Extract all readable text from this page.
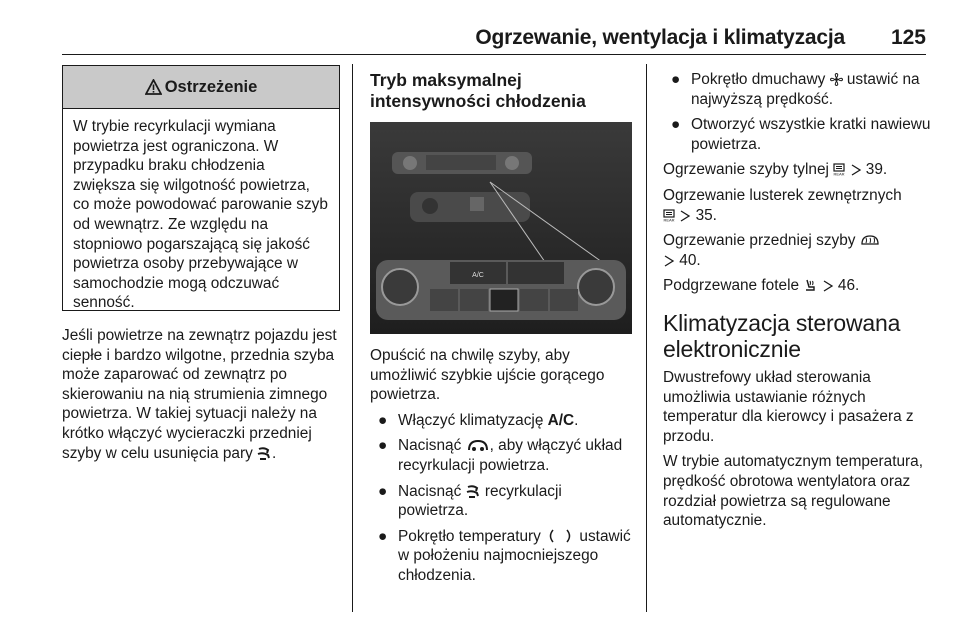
Ogrzewanie, wentylacja i klimatyzacja 125
Ostrzeżenie
W trybie recyrkulacji wymiana powietrza jest ograniczona. W przypadku braku chłodzenia zwiększa się wilgotność powietrza, co może powodować parowanie szyb od wewnątrz. Ze względu na stopniowo pogarszającą się jakość powietrza osoby przebywające w samochodzie mogą odczuwać senność.
Jeśli powietrze na zewnątrz pojazdu jest ciepłe i bardzo wilgotne, przednia szyba może zaparować od zewnątrz po skierowaniu na nią strumienia zimnego powietrza. W takiej sytuacji należy na krótko włączyć wycieraczki przedniej szyby w celu usunięcia pary .
Tryb maksymalnej intensywności chłodzenia
A/C

Opuścić na chwilę szyby, aby umożliwić szybkie ujście gorącego powietrza.

● Włączyć klimatyzację A/C.
● Nacisnąć , aby włączyć układ recyrkulacji powietrza.
● Nacisnąć  recyrkulacji powietrza.
● Pokrętło temperatury  ustawić w położeniu najmocniejszego chłodzenia.
● Pokrętło dmuchawy  ustawić na najwyższą prędkość.
● Otworzyć wszystkie kratki nawiewu powietrza.

Ogrzewanie szyby tylnej REAR 39.

Ogrzewanie lusterek zewnętrznych

REAR 35.

Ogrzewanie przedniej szyby
40.

Podgrzewane fotele   46.

Klimatyzacja sterowana elektronicznie

Dwustrefowy układ sterowania umożliwia ustawianie różnych temperatur dla kierowcy i pasażera z przodu.

W trybie automatycznym temperatura, prędkość obrotowa wentylatora oraz rozdział powietrza są regulowane automatycznie.
